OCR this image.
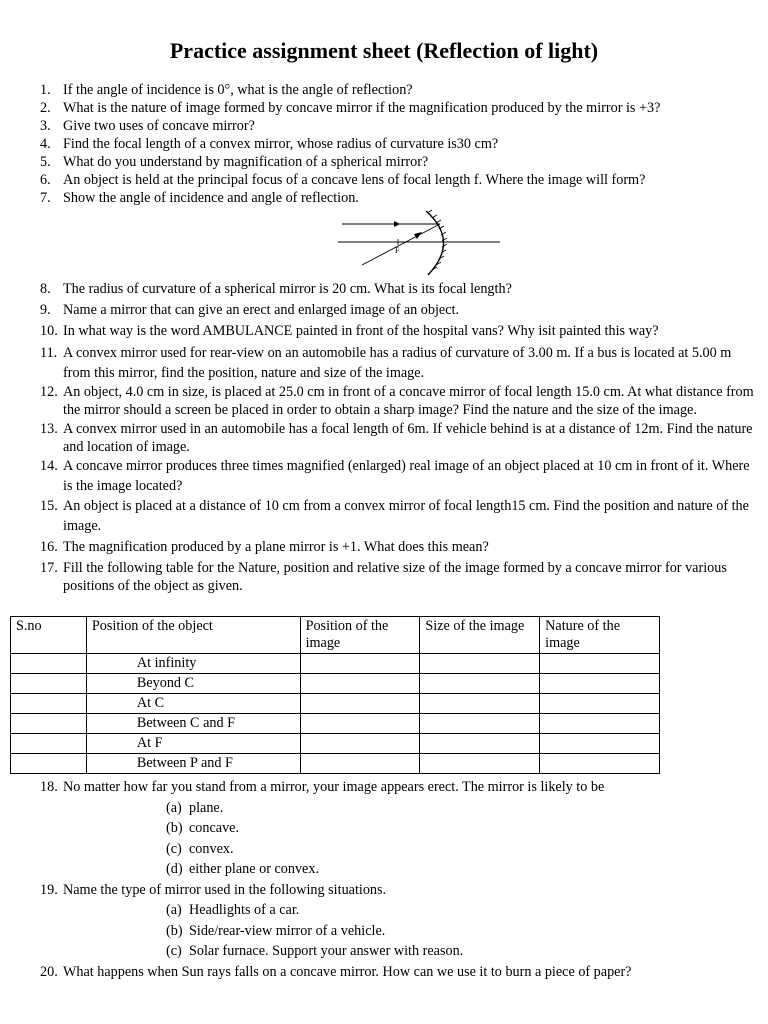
Practice assignment sheet (Reflection of light)
1. If the angle of incidence is 0°, what is the angle of reflection?
2. What is the nature of image formed by concave mirror if the magnification produced by the mirror is +3?
3. Give two uses of concave mirror?
4. Find the focal length of a convex mirror, whose radius of curvature is30 cm?
5. What do you understand by magnification of a spherical mirror?
6. An object is held at the principal focus of a concave lens of focal length f. Where the image will form?
7. Show the angle of incidence and angle of reflection.
F
8. The radius of curvature of a spherical mirror is 20 cm. What is its focal length?
9. Name a mirror that can give an erect and enlarged image of an object.
10. In what way is the word AMBULANCE painted in front of the hospital vans? Why isit painted this way?
11. A convex mirror used for rear-view on an automobile has a radius of curvature of 3.00 m. If a bus is located at 5.00 m from this mirror, find the position, nature and size of the image.
12. An object, 4.0 cm in size, is placed at 25.0 cm in front of a concave mirror of focal length 15.0 cm. At what distance from the mirror should a screen be placed in order to obtain a sharp image? Find the nature and the size of the image.
13. A convex mirror used in an automobile has a focal length of 6m. If vehicle behind is at a distance of 12m. Find the nature and location of image.
14. A concave mirror produces three times magnified (enlarged) real image of an object placed at 10 cm in front of it. Where is the image located?
15. An object is placed at a distance of 10 cm from a convex mirror of focal length15 cm. Find the position and nature of the image.
16. The magnification produced by a plane mirror is +1. What does this mean?
17. Fill the following table for the Nature, position and relative size of the image formed by a concave mirror for various positions of the object as given.
S.no	Position of the object	Position of the image	Size of the image	Nature of the image
	At infinity			
	Beyond C			
	At C			
	Between C and F			
	At F			
	Between P and F			
18. No matter how far you stand from a mirror, your image appears erect. The mirror is likely to be
(a) plane.
(b) concave.
(c) convex.
(d) either plane or convex.
19. Name the type of mirror used in the following situations.
(a) Headlights of a car.
(b) Side/rear-view mirror of a vehicle.
(c) Solar furnace. Support your answer with reason.
20. What happens when Sun rays falls on a concave mirror. How can we use it to burn a piece of paper?
